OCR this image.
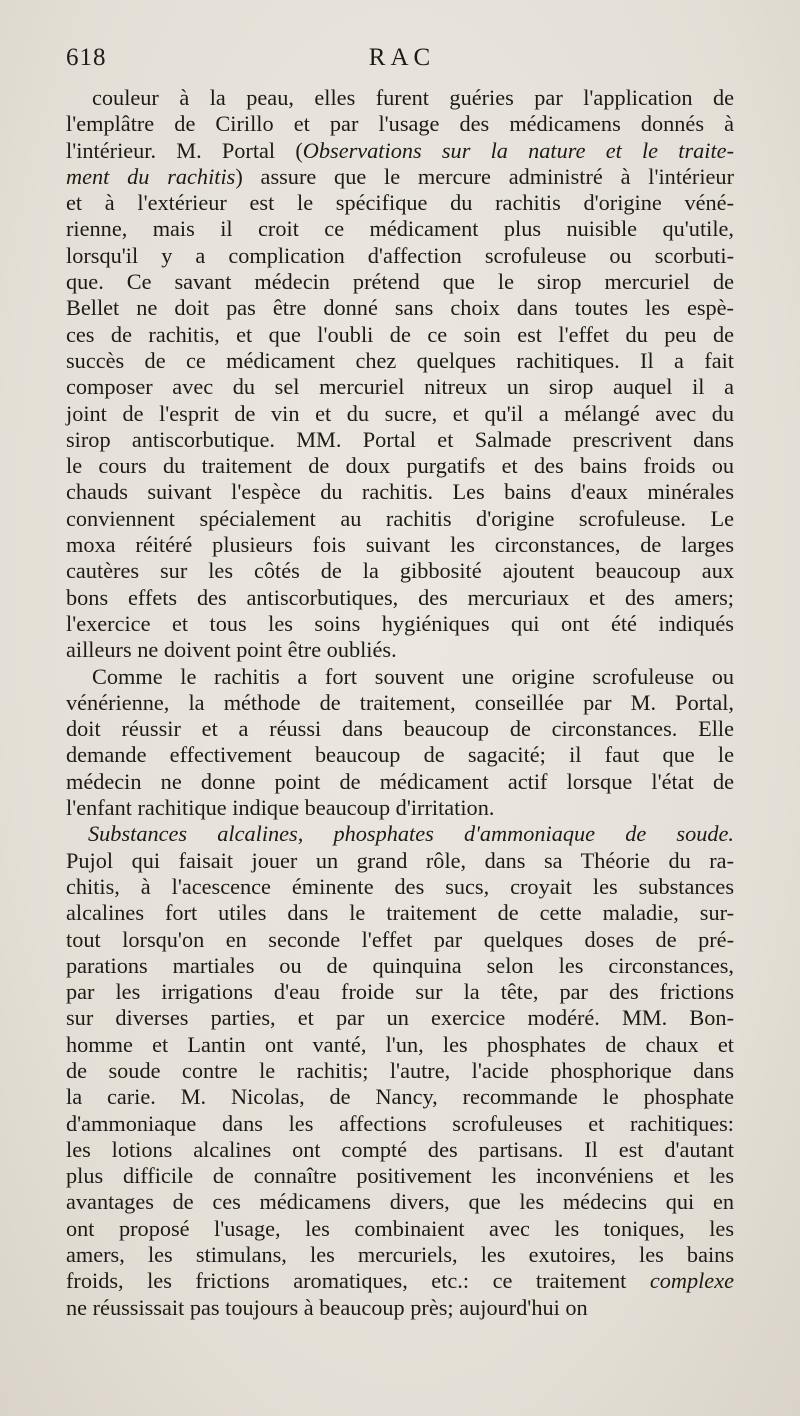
618	RAC
couleur à la peau, elles furent guéries par l'application de
l'emplâtre de Cirillo et par l'usage des médicamens donnés à
l'intérieur. M. Portal (Observations sur la nature et le traite-
ment du rachitis) assure que le mercure administré à l'intérieur
et à l'extérieur est le spécifique du rachitis d'origine véné-
rienne, mais il croit ce médicament plus nuisible qu'utile,
lorsqu'il y a complication d'affection scrofuleuse ou scorbuti-
que. Ce savant médecin prétend que le sirop mercuriel de
Bellet ne doit pas être donné sans choix dans toutes les espè-
ces de rachitis, et que l'oubli de ce soin est l'effet du peu de
succès de ce médicament chez quelques rachitiques. Il a fait
composer avec du sel mercuriel nitreux un sirop auquel il a
joint de l'esprit de vin et du sucre, et qu'il a mélangé avec du
sirop antiscorbutique. MM. Portal et Salmade prescrivent dans
le cours du traitement de doux purgatifs et des bains froids ou
chauds suivant l'espèce du rachitis. Les bains d'eaux minérales
conviennent spécialement au rachitis d'origine scrofuleuse. Le
moxa réitéré plusieurs fois suivant les circonstances, de larges
cautères sur les côtés de la gibbosité ajoutent beaucoup aux
bons effets des antiscorbutiques, des mercuriaux et des amers;
l'exercice et tous les soins hygiéniques qui ont été indiqués
ailleurs ne doivent point être oubliés.
Comme le rachitis a fort souvent une origine scrofuleuse ou
vénérienne, la méthode de traitement, conseillée par M. Portal,
doit réussir et a réussi dans beaucoup de circonstances. Elle
demande effectivement beaucoup de sagacité; il faut que le
médecin ne donne point de médicament actif lorsque l'état de
l'enfant rachitique indique beaucoup d'irritation.
Substances alcalines, phosphates d'ammoniaque de soude.
Pujol qui faisait jouer un grand rôle, dans sa Théorie du ra-
chitis, à l'acescence éminente des sucs, croyait les substances
alcalines fort utiles dans le traitement de cette maladie, sur-
tout lorsqu'on en seconde l'effet par quelques doses de pré-
parations martiales ou de quinquina selon les circonstances,
par les irrigations d'eau froide sur la tête, par des frictions
sur diverses parties, et par un exercice modéré. MM. Bon-
homme et Lantin ont vanté, l'un, les phosphates de chaux et
de soude contre le rachitis; l'autre, l'acide phosphorique dans
la carie. M. Nicolas, de Nancy, recommande le phosphate
d'ammoniaque dans les affections scrofuleuses et rachitiques:
les lotions alcalines ont compté des partisans. Il est d'autant
plus difficile de connaître positivement les inconvéniens et les
avantages de ces médicamens divers, que les médecins qui en
ont proposé l'usage, les combinaient avec les toniques, les
amers, les stimulans, les mercuriels, les exutoires, les bains
froids, les frictions aromatiques, etc.: ce traitement complexe
ne réussissait pas toujours à beaucoup près; aujourd'hui on
